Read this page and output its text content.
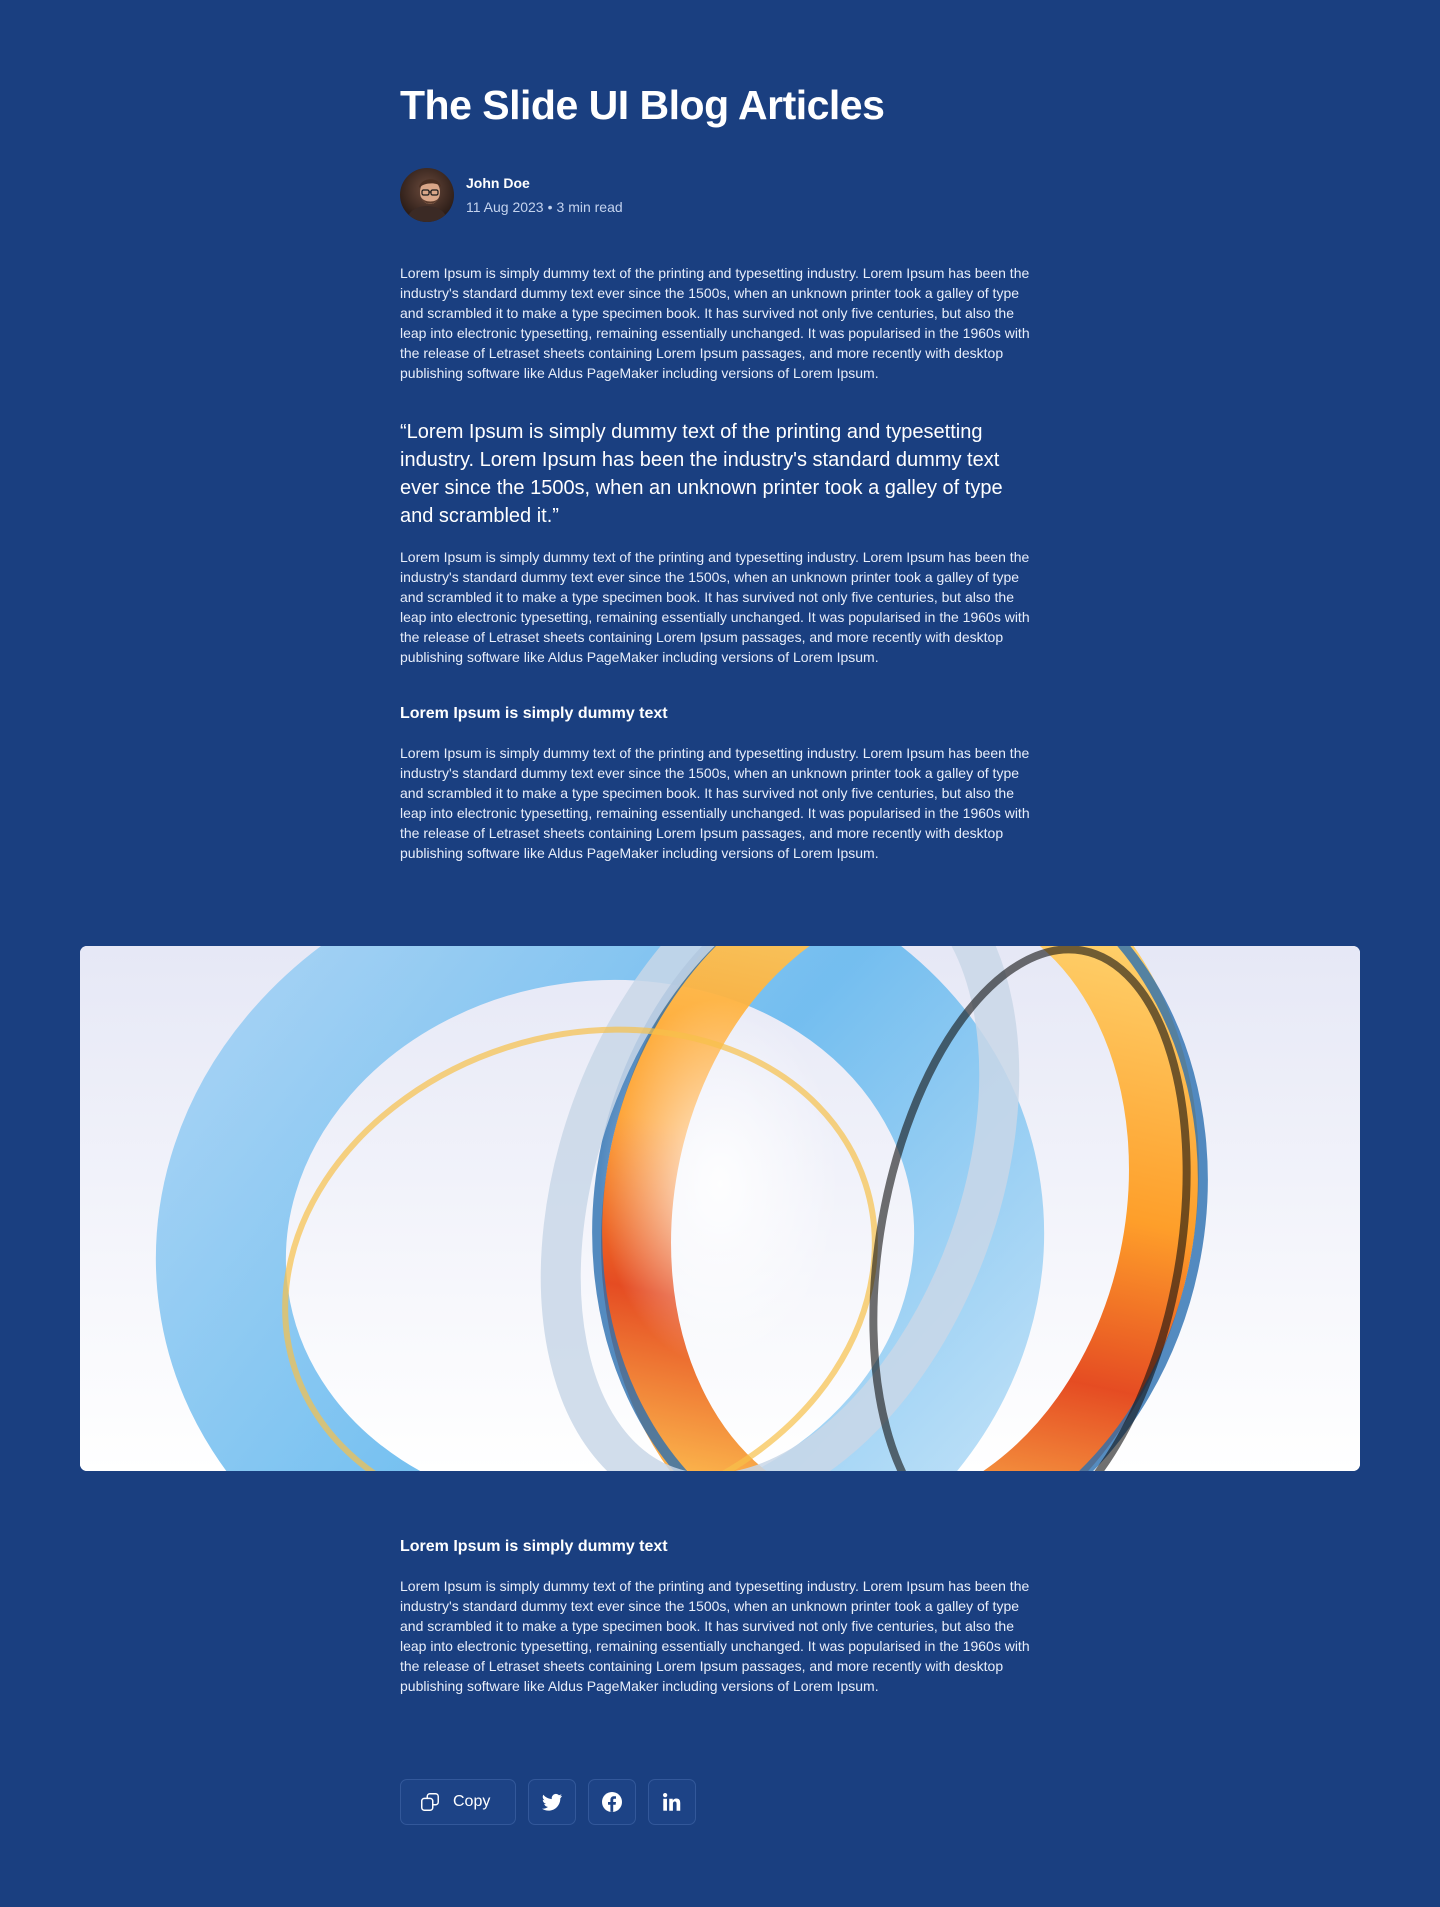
The Slide UI Blog Articles
John Doe
11 Aug 2023 • 3 min read

Lorem Ipsum is simply dummy text of the printing and typesetting industry. Lorem Ipsum has been the industry's standard dummy text ever since the 1500s, when an unknown printer took a galley of type and scrambled it to make a type specimen book. It has survived not only five centuries, but also the leap into electronic typesetting, remaining essentially unchanged. It was popularised in the 1960s with the release of Letraset sheets containing Lorem Ipsum passages, and more recently with desktop publishing software like Aldus PageMaker including versions of Lorem Ipsum.

“Lorem Ipsum is simply dummy text of the printing and typesetting industry. Lorem Ipsum has been the industry's standard dummy text ever since the 1500s, when an unknown printer took a galley of type and scrambled it.”

Lorem Ipsum is simply dummy text of the printing and typesetting industry. Lorem Ipsum has been the industry's standard dummy text ever since the 1500s, when an unknown printer took a galley of type and scrambled it to make a type specimen book. It has survived not only five centuries, but also the leap into electronic typesetting, remaining essentially unchanged. It was popularised in the 1960s with the release of Letraset sheets containing Lorem Ipsum passages, and more recently with desktop publishing software like Aldus PageMaker including versions of Lorem Ipsum.

Lorem Ipsum is simply dummy text

Lorem Ipsum is simply dummy text of the printing and typesetting industry. Lorem Ipsum has been the industry's standard dummy text ever since the 1500s, when an unknown printer took a galley of type and scrambled it to make a type specimen book. It has survived not only five centuries, but also the leap into electronic typesetting, remaining essentially unchanged. It was popularised in the 1960s with the release of Letraset sheets containing Lorem Ipsum passages, and more recently with desktop publishing software like Aldus PageMaker including versions of Lorem Ipsum.

Lorem Ipsum is simply dummy text

Lorem Ipsum is simply dummy text of the printing and typesetting industry. Lorem Ipsum has been the industry's standard dummy text ever since the 1500s, when an unknown printer took a galley of type and scrambled it to make a type specimen book. It has survived not only five centuries, but also the leap into electronic typesetting, remaining essentially unchanged. It was popularised in the 1960s with the release of Letraset sheets containing Lorem Ipsum passages, and more recently with desktop publishing software like Aldus PageMaker including versions of Lorem Ipsum.

Copy
